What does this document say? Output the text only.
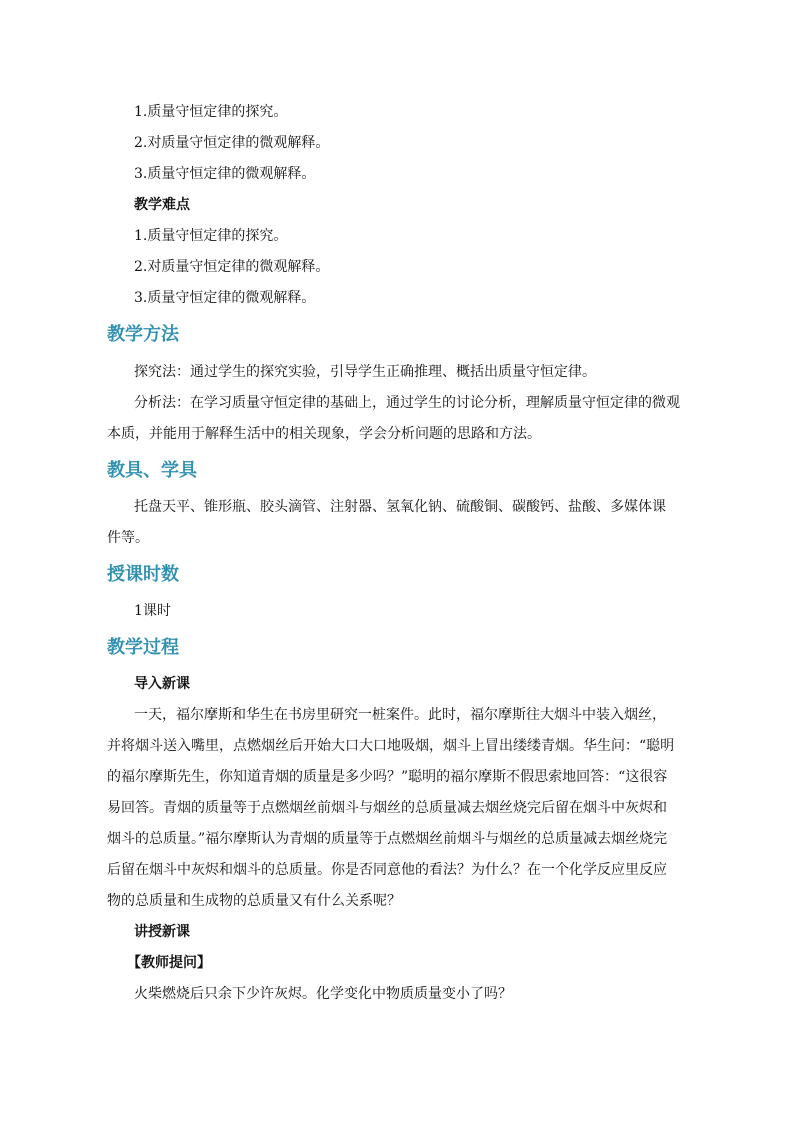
1.质量守恒定律的探究。
2.对质量守恒定律的微观解释。
3.质量守恒定律的微观解释。
教学难点
1.质量守恒定律的探究。
2.对质量守恒定律的微观解释。
3.质量守恒定律的微观解释。
教学方法
探究法：通过学生的探究实验，引导学生正确推理、概括出质量守恒定律。
分析法：在学习质量守恒定律的基础上，通过学生的讨论分析，理解质量守恒定律的微观
本质，并能用于解释生活中的相关现象，学会分析问题的思路和方法。
教具、学具
托盘天平、锥形瓶、胶头滴管、注射器、氢氧化钠、硫酸铜、碳酸钙、盐酸、多媒体课
件等。
授课时数
1课时
教学过程
导入新课
一天，福尔摩斯和华生在书房里研究一桩案件。此时，福尔摩斯往大烟斗中装入烟丝，
并将烟斗送入嘴里，点燃烟丝后开始大口大口地吸烟，烟斗上冒出缕缕青烟。华生问：“聪明
的福尔摩斯先生，你知道青烟的质量是多少吗？”聪明的福尔摩斯不假思索地回答：“这很容
易回答。青烟的质量等于点燃烟丝前烟斗与烟丝的总质量减去烟丝烧完后留在烟斗中灰烬和
烟斗的总质量。”福尔摩斯认为青烟的质量等于点燃烟丝前烟斗与烟丝的总质量减去烟丝烧完
后留在烟斗中灰烬和烟斗的总质量。你是否同意他的看法？为什么？在一个化学反应里反应
物的总质量和生成物的总质量又有什么关系呢？
讲授新课
【教师提问】
火柴燃烧后只余下少许灰烬。化学变化中物质质量变小了吗？
